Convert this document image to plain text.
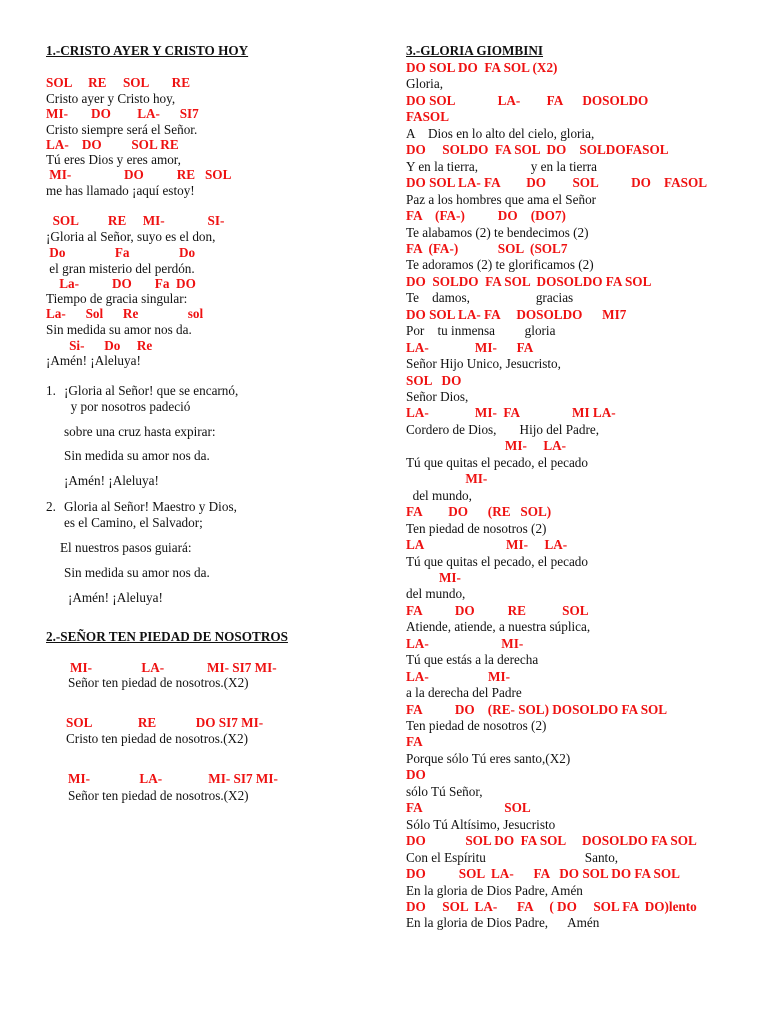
1.-CRISTO AYER Y CRISTO HOY
SOL     RE     SOL       RE
Cristo ayer y Cristo hoy,
MI-       DO        LA-      SI7
Cristo siempre será el Señor.
LA-    DO         SOL RE
Tú eres Dios y eres amor,
MI-                DO          RE   SOL
me has llamado ¡aquí estoy!
SOL         RE     MI-             SI-
¡Gloria al Señor, suyo es el don,
Do               Fa               Do
el gran misterio del perdón.
La-          DO       Fa  DO
Tiempo de gracia singular:
La-      Sol      Re               sol
Sin medida su amor nos da.
Si-      Do     Re
¡Amén! ¡Aleluya!
1. ¡Gloria al Señor! que se encarnó,
y por nosotros padeció
sobre una cruz hasta expirar:
Sin medida su amor nos da.
¡Amén! ¡Aleluya!
2. Gloria al Señor! Maestro y Dios,
es el Camino, el Salvador;
El nuestros pasos guiará:
Sin medida su amor nos da.
¡Amén! ¡Aleluya!
2.-SEÑOR TEN PIEDAD DE NOSOTROS
MI-               LA-             MI- SI7 MI-
Señor ten piedad de nosotros.(X2)
SOL              RE            DO SI7 MI-
Cristo ten piedad de nosotros.(X2)
MI-               LA-              MI- SI7 MI-
Señor ten piedad de nosotros.(X2)
3.-GLORIA GIOMBINI
DO SOL DO  FA SOL (X2)
Gloria,
DO SOL             LA-        FA      DOSOLDO
FASOL
A    Dios en lo alto del cielo, gloria,
DO     SOLDO  FA SOL  DO    SOLDOFASOL
Y en la tierra,                y en la tierra
DO SOL LA- FA        DO        SOL          DO    FASOL
Paz a los hombres que ama el Señor
FA    (FA-)          DO    (DO7)
Te alabamos (2) te bendecimos (2)
FA  (FA-)            SOL  (SOL7
Te adoramos (2) te glorificamos (2)
DO  SOLDO  FA SOL  DOSOLDO FA SOL
Te    damos,                    gracias
DO SOL LA- FA     DOSOLDO      MI7
Por    tu inmensa         gloria
LA-              MI-      FA
Señor Hijo Unico, Jesucristo,
SOL   DO
Señor Dios,
LA-              MI-  FA                MI LA-
Cordero de Dios,       Hijo del Padre,
MI-     LA-
Tú que quitas el pecado, el pecado
MI-
del mundo,
FA        DO      (RE   SOL)
Ten piedad de nosotros (2)
LA                         MI-     LA-
Tú que quitas el pecado, el pecado
MI-
del mundo,
FA          DO          RE           SOL
Atiende, atiende, a nuestra súplica,
LA-                      MI-
Tú que estás a la derecha
LA-                  MI-
a la derecha del Padre
FA          DO    (RE- SOL) DOSOLDO FA SOL
Ten piedad de nosotros (2)
FA
Porque sólo Tú eres santo,(X2)
DO
sólo Tú Señor,
FA                         SOL
Sólo Tú Altísimo, Jesucristo
DO            SOL DO  FA SOL     DOSOLDO FA SOL
Con el Espíritu                              Santo,
DO          SOL  LA-      FA   DO SOL DO FA SOL
En la gloria de Dios Padre, Amén
DO     SOL  LA-      FA     ( DO     SOL FA  DO)lento
En la gloria de Dios Padre,      Amén
